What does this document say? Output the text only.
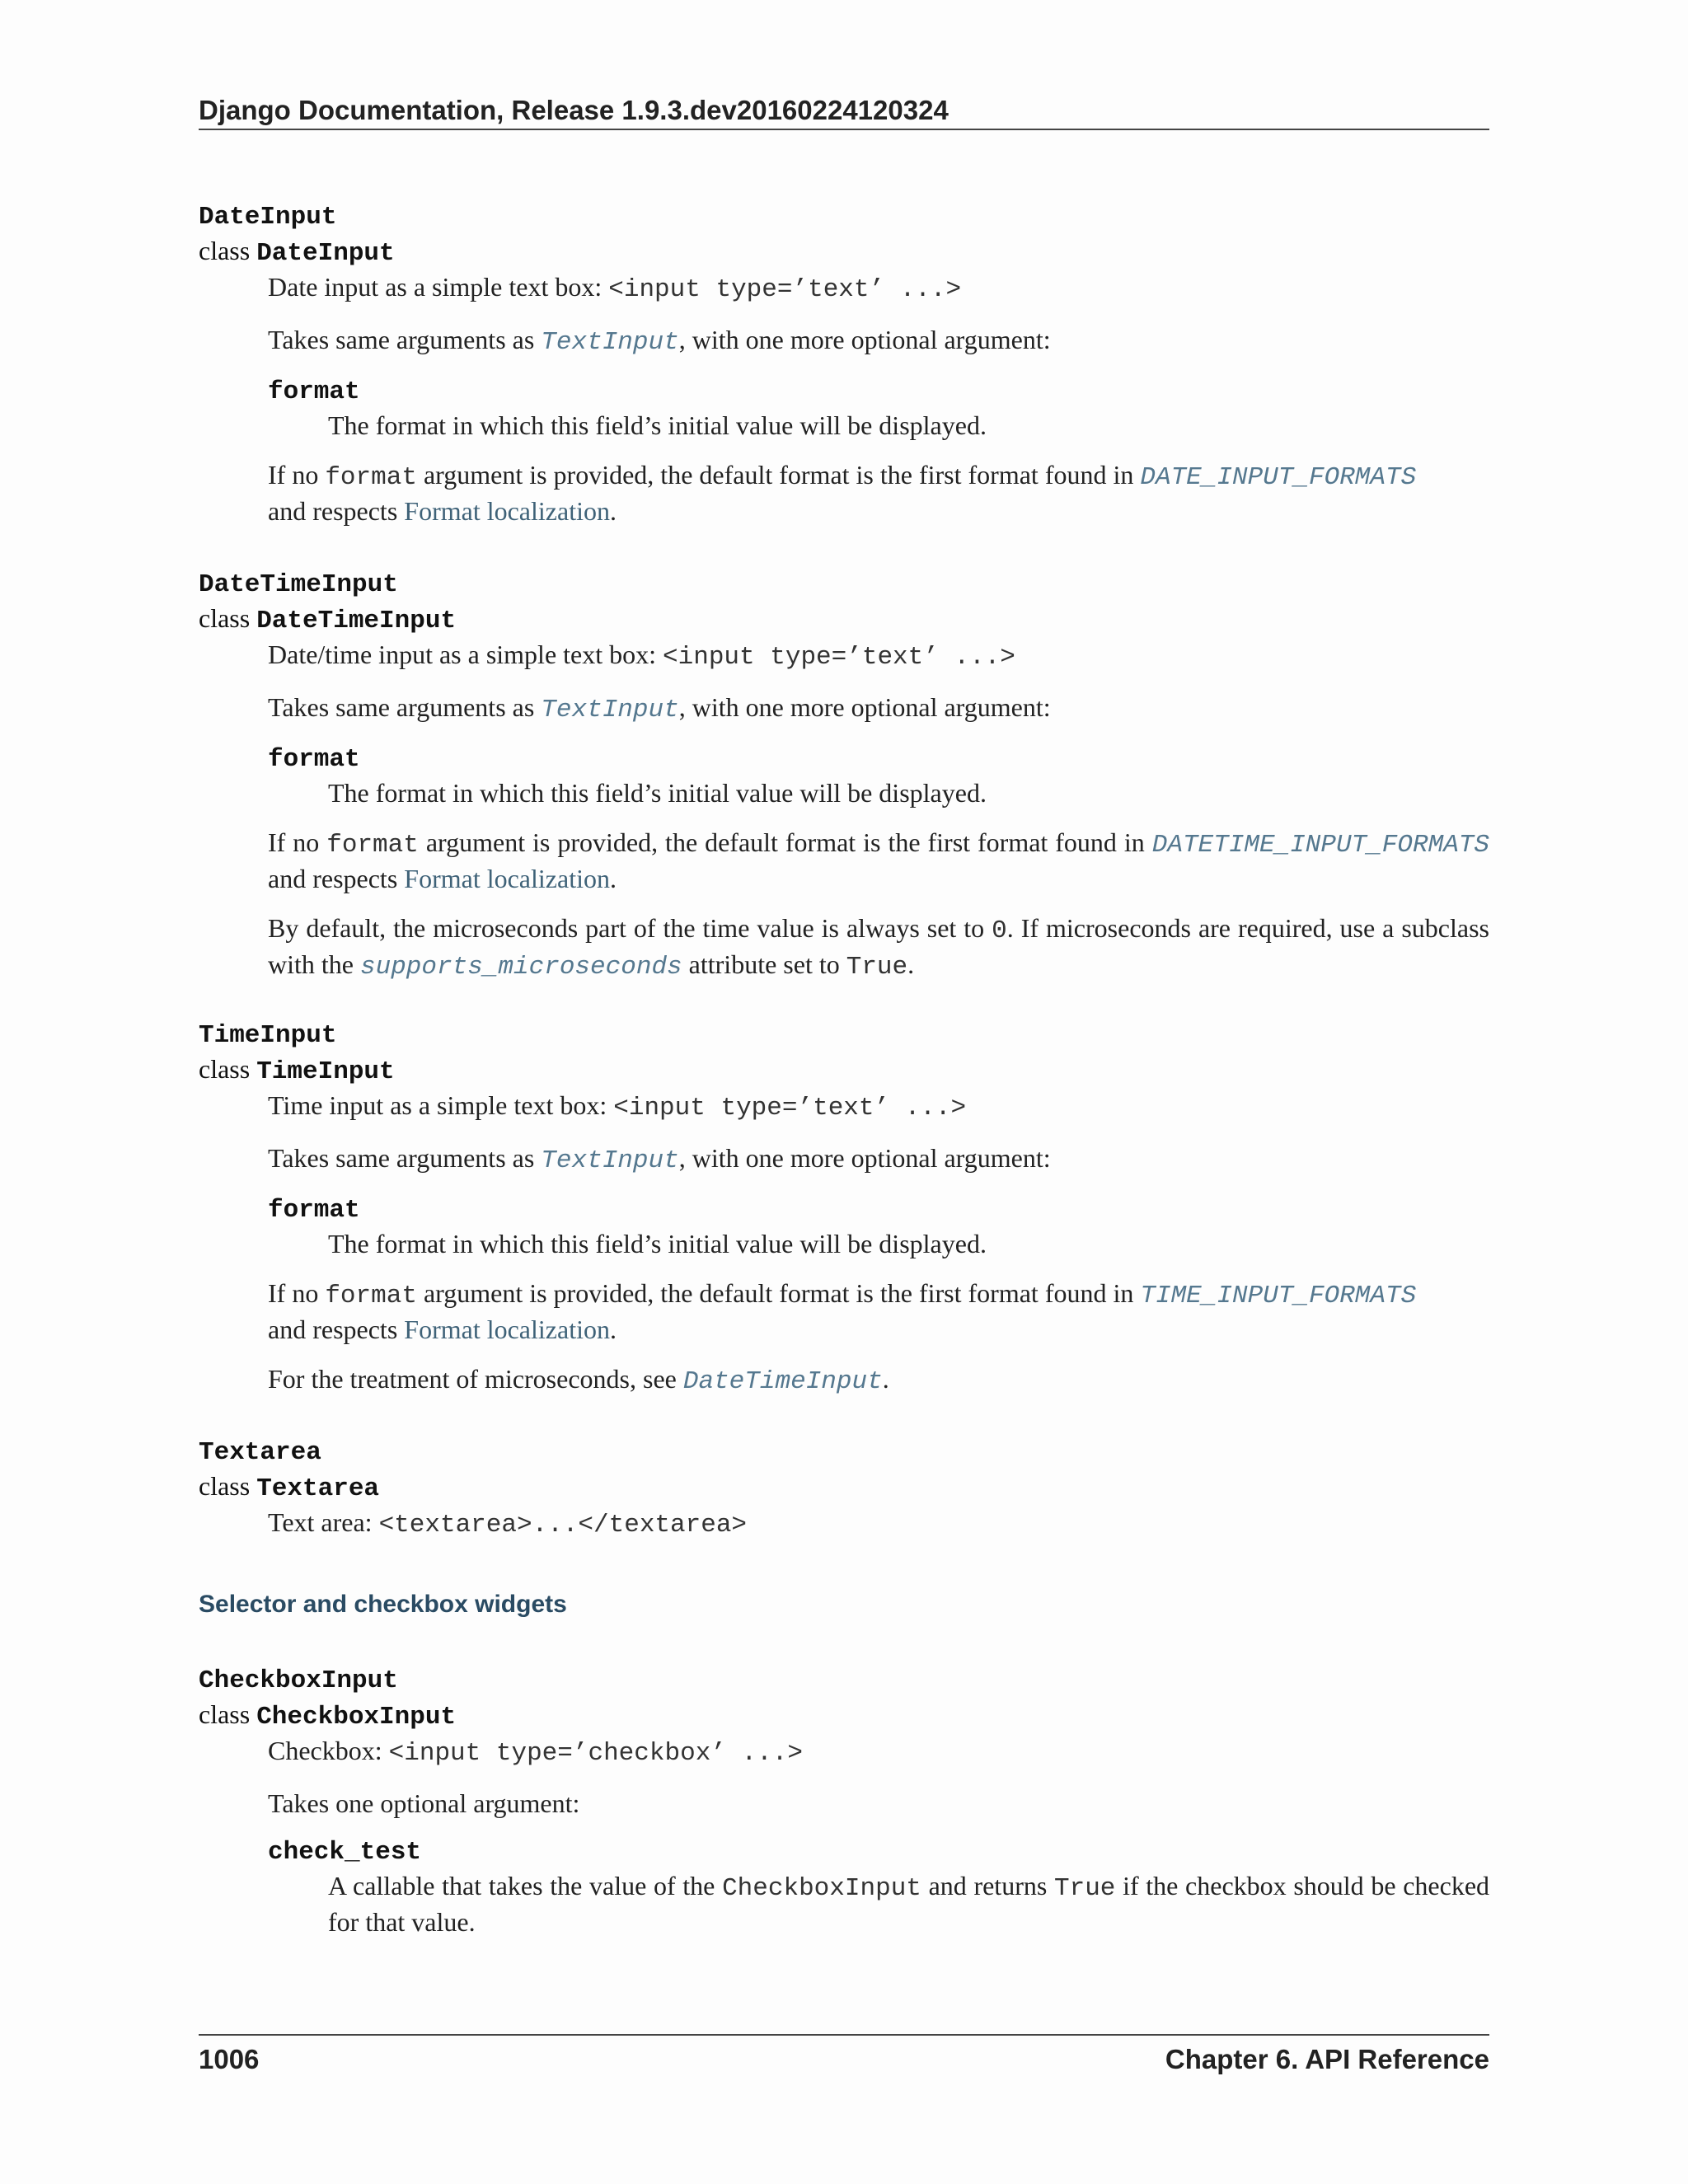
Django Documentation, Release 1.9.3.dev20160224120324
DateInput
class DateInput

Date input as a simple text box: <input type=’text’ ...>

Takes same arguments as TextInput, with one more optional argument:

format
The format in which this field’s initial value will be displayed.

If no format argument is provided, the default format is the first format found in DATE_INPUT_FORMATS
and respects Format localization.

DateTimeInput
class DateTimeInput

Date/time input as a simple text box: <input type=’text’ ...>

Takes same arguments as TextInput, with one more optional argument:

format
The format in which this field’s initial value will be displayed.

If no format argument is provided, the default format is the first format found in DATETIME_INPUT_FORMATS and respects Format localization.

By default, the microseconds part of the time value is always set to 0. If microseconds are required, use a subclass with the supports_microseconds attribute set to True.

TimeInput
class TimeInput

Time input as a simple text box: <input type=’text’ ...>

Takes same arguments as TextInput, with one more optional argument:

format
The format in which this field’s initial value will be displayed.

If no format argument is provided, the default format is the first format found in TIME_INPUT_FORMATS
and respects Format localization.

For the treatment of microseconds, see DateTimeInput.

Textarea
class Textarea

Text area: <textarea>...</textarea>

Selector and checkbox widgets
CheckboxInput
class CheckboxInput

Checkbox: <input type=’checkbox’ ...>

Takes one optional argument:

check_test
A callable that takes the value of the CheckboxInput and returns True if the checkbox should be checked for that value.
1006	Chapter 6. API Reference
